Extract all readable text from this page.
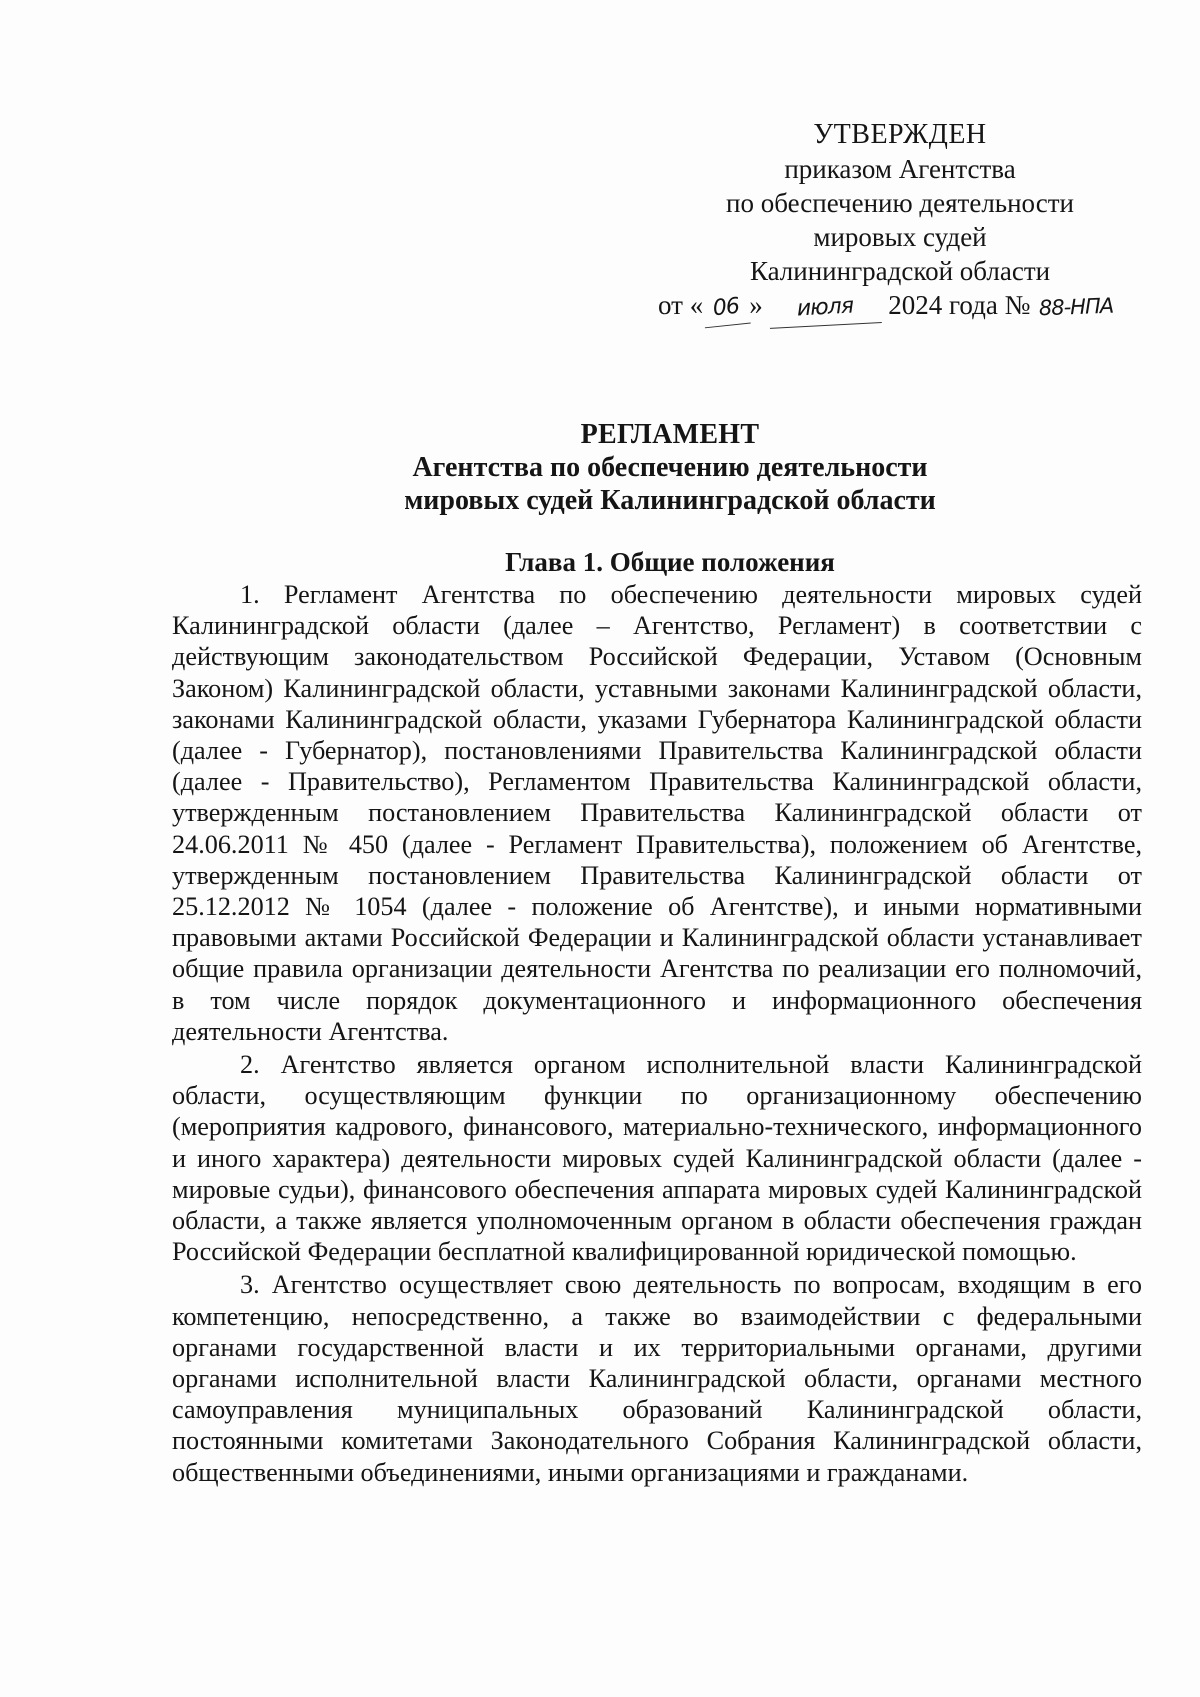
УТВЕРЖДЕН
приказом Агентства
по обеспечению деятельности
мировых судей
Калининградской области
от « 06 » июля 2024 года № 88-НПА
РЕГЛАМЕНТ
Агентства по обеспечению деятельности
мировых судей Калининградской области
Глава 1. Общие положения

1. Регламент Агентства по обеспечению деятельности мировых судей Калининградской области (далее – Агентство, Регламент) в соответствии с действующим законодательством Российской Федерации, Уставом (Основным Законом) Калининградской области, уставными законами Калининградской области, законами Калининградской области, указами Губернатора Калининградской области (далее - Губернатор), постановлениями Правительства Калининградской области (далее - Правительство), Регламентом Правительства Калининградской области, утвержденным постановлением Правительства Калининградской области от 24.06.2011 № 450 (далее - Регламент Правительства), положением об Агентстве, утвержденным постановлением Правительства Калининградской области от 25.12.2012 № 1054 (далее - положение об Агентстве), и иными нормативными правовыми актами Российской Федерации и Калининградской области устанавливает общие правила организации деятельности Агентства по реализации его полномочий, в том числе порядок документационного и информационного обеспечения деятельности Агентства.

2. Агентство является органом исполнительной власти Калининградской области, осуществляющим функции по организационному обеспечению (мероприятия кадрового, финансового, материально-технического, информационного и иного характера) деятельности мировых судей Калининградской области (далее - мировые судьи), финансового обеспечения аппарата мировых судей Калининградской области, а также является уполномоченным органом в области обеспечения граждан Российской Федерации бесплатной квалифицированной юридической помощью.

3. Агентство осуществляет свою деятельность по вопросам, входящим в его компетенцию, непосредственно, а также во взаимодействии с федеральными органами государственной власти и их территориальными органами, другими органами исполнительной власти Калининградской области, органами местного самоуправления муниципальных образований Калининградской области, постоянными комитетами Законодательного Собрания Калининградской области, общественными объединениями, иными организациями и гражданами.
